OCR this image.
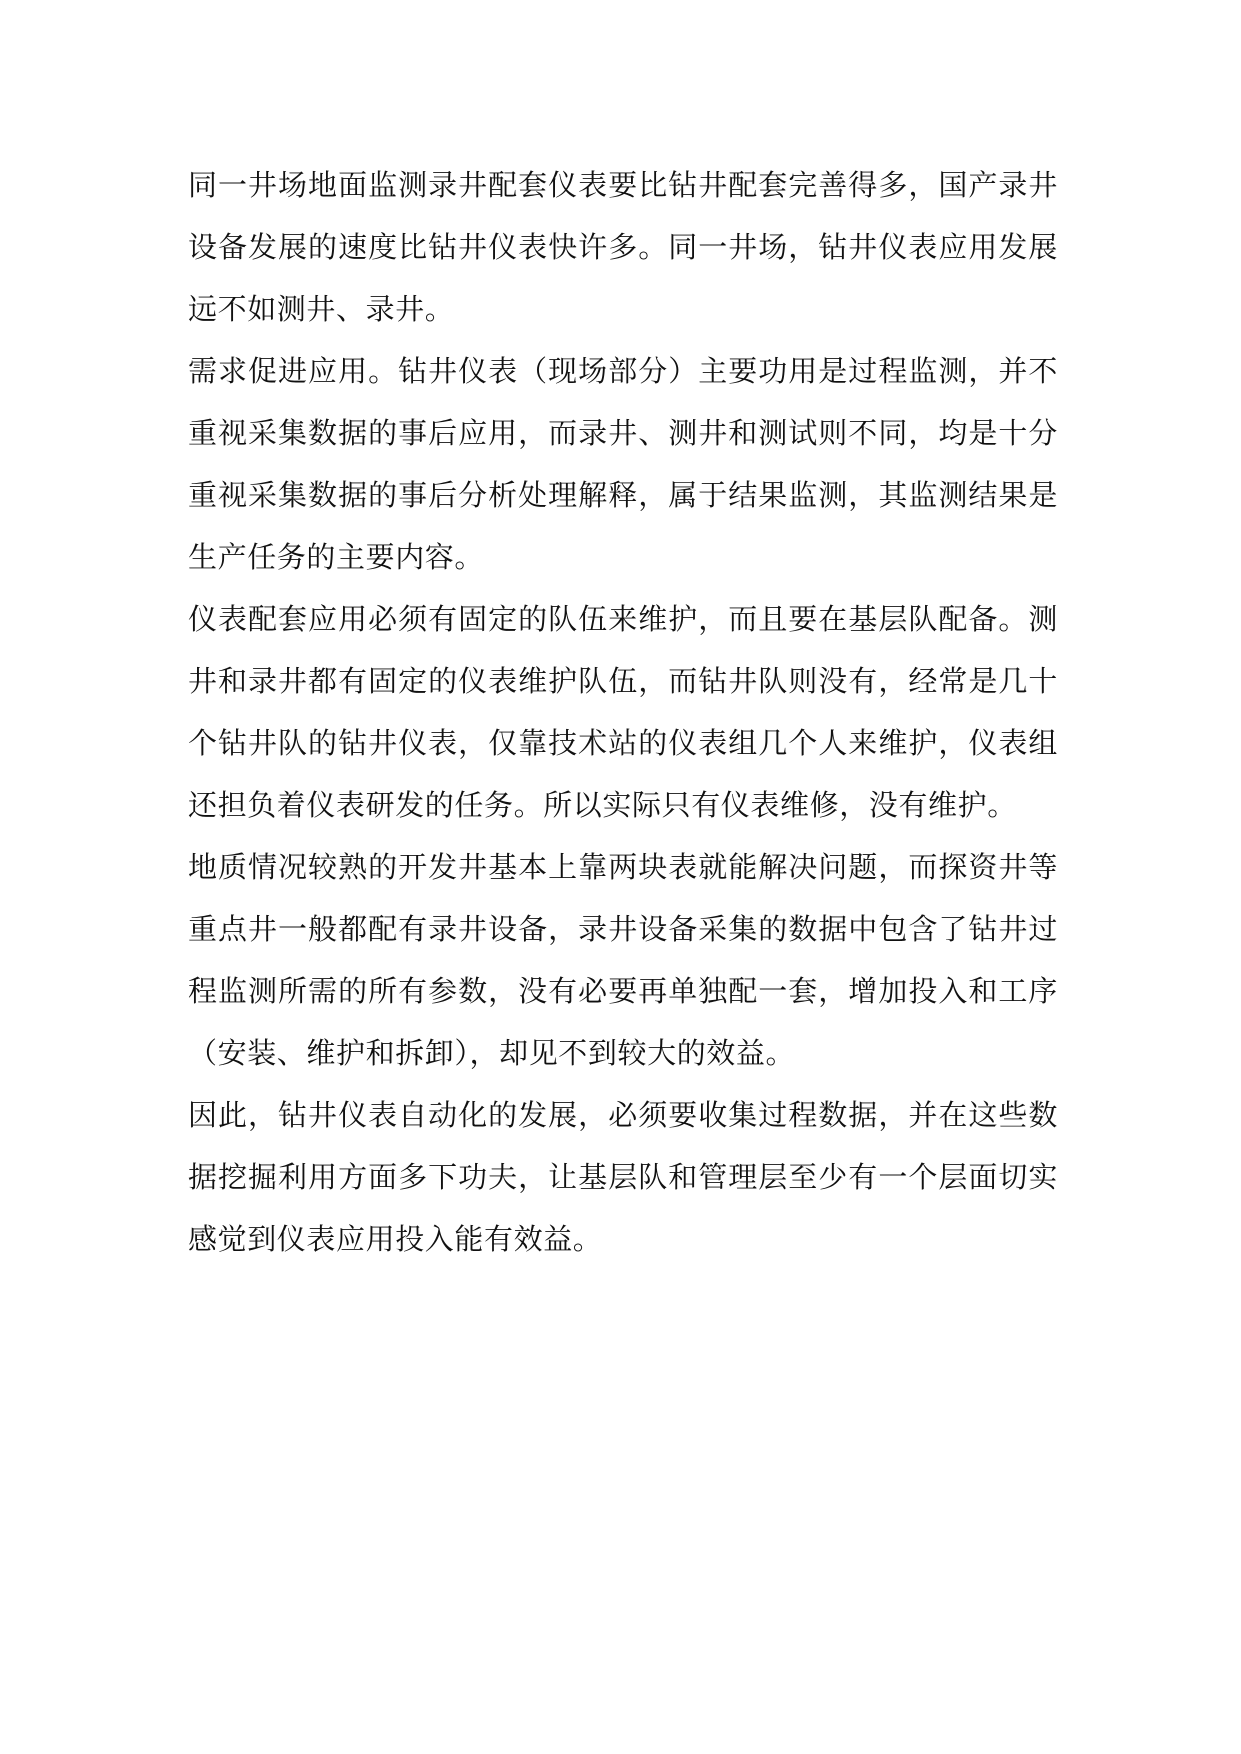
同一井场地面监测录井配套仪表要比钻井配套完善得多，国产录井设备发展的速度比钻井仪表快许多。同一井场，钻井仪表应用发展远不如测井、录井。

需求促进应用。钻井仪表（现场部分）主要功用是过程监测，并不重视采集数据的事后应用，而录井、测井和测试则不同，均是十分重视采集数据的事后分析处理解释，属于结果监测，其监测结果是生产任务的主要内容。

仪表配套应用必须有固定的队伍来维护，而且要在基层队配备。测井和录井都有固定的仪表维护队伍，而钻井队则没有，经常是几十个钻井队的钻井仪表，仅靠技术站的仪表组几个人来维护，仪表组还担负着仪表研发的任务。所以实际只有仪表维修，没有维护。

地质情况较熟的开发井基本上靠两块表就能解决问题，而探资井等重点井一般都配有录井设备，录井设备采集的数据中包含了钻井过程监测所需的所有参数，没有必要再单独配一套，增加投入和工序（安装、维护和拆卸），却见不到较大的效益。

因此，钻井仪表自动化的发展，必须要收集过程数据，并在这些数据挖掘利用方面多下功夫，让基层队和管理层至少有一个层面切实感觉到仪表应用投入能有效益。
